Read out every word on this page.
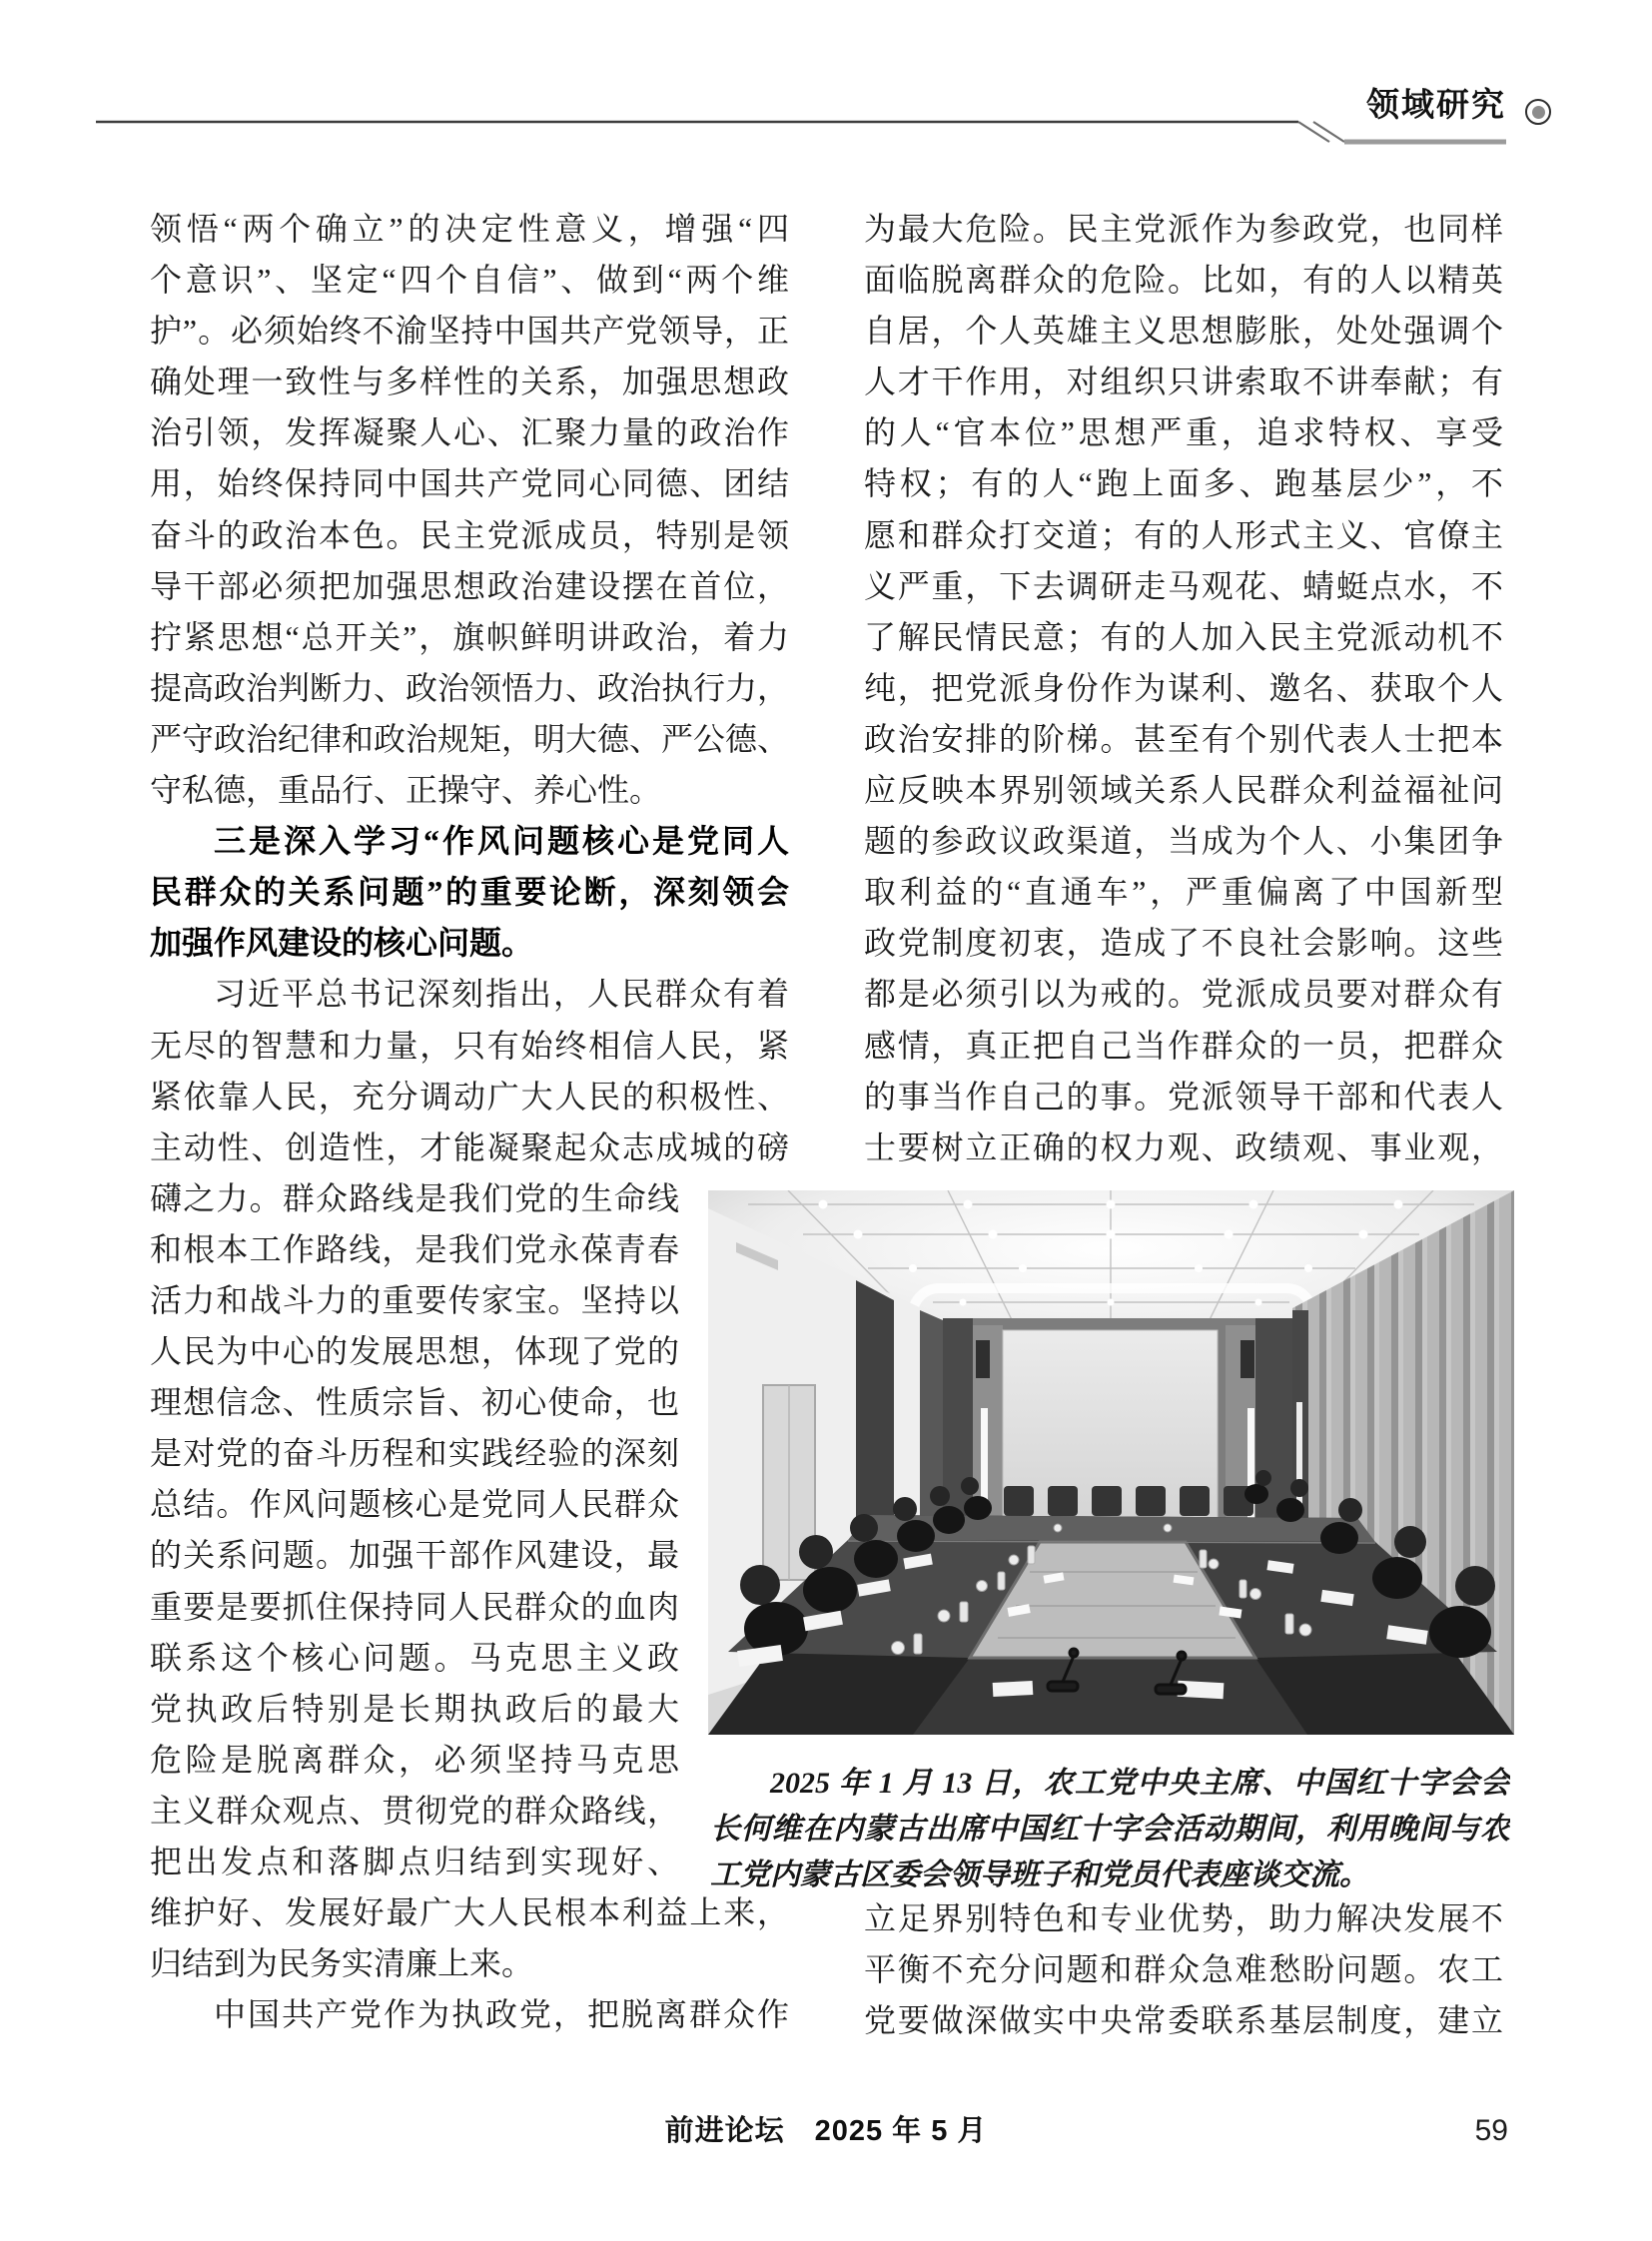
领域研究
领悟“两个确立”的决定性意义，增强“四
个意识”、坚定“四个自信”、做到“两个维
护”。必须始终不渝坚持中国共产党领导，正
确处理一致性与多样性的关系，加强思想政
治引领，发挥凝聚人心、汇聚力量的政治作
用，始终保持同中国共产党同心同德、团结
奋斗的政治本色。民主党派成员，特别是领
导干部必须把加强思想政治建设摆在首位，
拧紧思想“总开关”，旗帜鲜明讲政治，着力
提高政治判断力、政治领悟力、政治执行力，
严守政治纪律和政治规矩，明大德、严公德、
守私德，重品行、正操守、养心性。
三是深入学习“作风问题核心是党同人
民群众的关系问题”的重要论断，深刻领会
加强作风建设的核心问题。
习近平总书记深刻指出，人民群众有着
无尽的智慧和力量，只有始终相信人民，紧
紧依靠人民，充分调动广大人民的积极性、
主动性、创造性，才能凝聚起众志成城的磅
礴之力。群众路线是我们党的生命线
和根本工作路线，是我们党永葆青春
活力和战斗力的重要传家宝。坚持以
人民为中心的发展思想，体现了党的
理想信念、性质宗旨、初心使命，也
是对党的奋斗历程和实践经验的深刻
总结。作风问题核心是党同人民群众
的关系问题。加强干部作风建设，最
重要是要抓住保持同人民群众的血肉
联系这个核心问题。马克思主义政
党执政后特别是长期执政后的最大
危险是脱离群众，必须坚持马克思
主义群众观点、贯彻党的群众路线，
把出发点和落脚点归结到实现好、
维护好、发展好最广大人民根本利益上来，
归结到为民务实清廉上来。
中国共产党作为执政党，把脱离群众作
为最大危险。民主党派作为参政党，也同样
面临脱离群众的危险。比如，有的人以精英
自居，个人英雄主义思想膨胀，处处强调个
人才干作用，对组织只讲索取不讲奉献；有
的人“官本位”思想严重，追求特权、享受
特权；有的人“跑上面多、跑基层少”，不
愿和群众打交道；有的人形式主义、官僚主
义严重，下去调研走马观花、蜻蜓点水，不
了解民情民意；有的人加入民主党派动机不
纯，把党派身份作为谋利、邀名、获取个人
政治安排的阶梯。甚至有个别代表人士把本
应反映本界别领域关系人民群众利益福祉问
题的参政议政渠道，当成为个人、小集团争
取利益的“直通车”，严重偏离了中国新型
政党制度初衷，造成了不良社会影响。这些
都是必须引以为戒的。党派成员要对群众有
感情，真正把自己当作群众的一员，把群众
的事当作自己的事。党派领导干部和代表人
士要树立正确的权力观、政绩观、事业观，
2025 年 1 月 13 日，农工党中央主席、中国红十字会会
长何维在内蒙古出席中国红十字会活动期间，利用晚间与农
工党内蒙古区委会领导班子和党员代表座谈交流。
立足界别特色和专业优势，助力解决发展不
平衡不充分问题和群众急难愁盼问题。农工
党要做深做实中央常委联系基层制度，建立
前进论坛　2025 年 5 月	59
